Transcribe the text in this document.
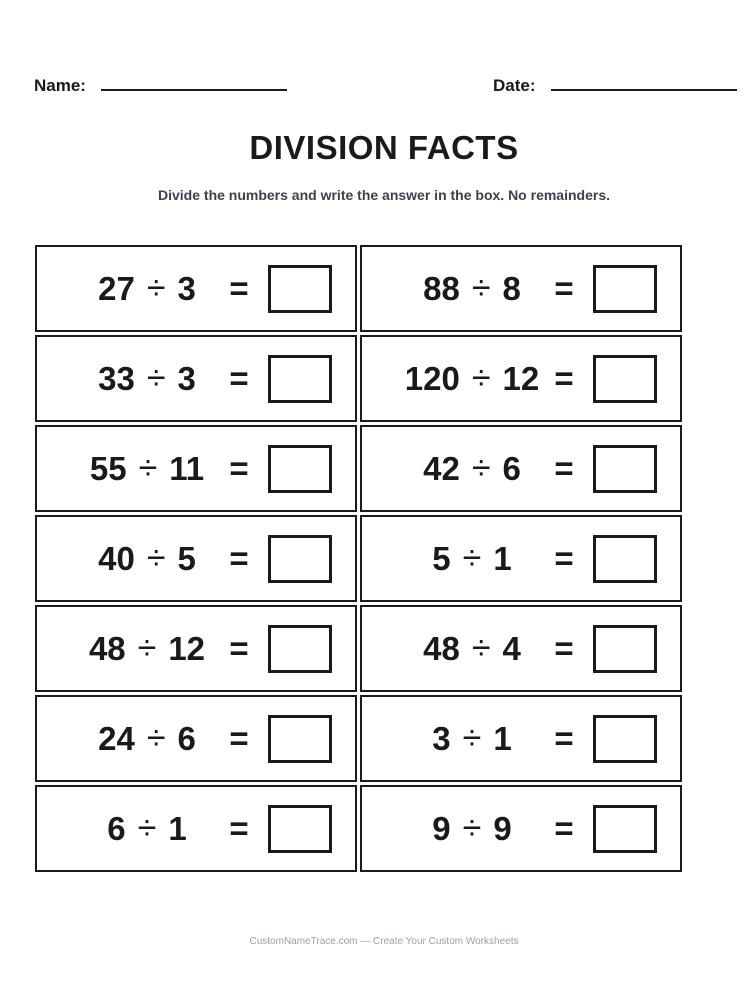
Name:	Date:
DIVISION FACTS
Divide the numbers and write the answer in the box. No remainders.
27 ÷ 3 =	88 ÷ 8 =
33 ÷ 3 =	120 ÷ 12 =
55 ÷ 11 =	42 ÷ 6 =
40 ÷ 5 =	5 ÷ 1 =
48 ÷ 12 =	48 ÷ 4 =
24 ÷ 6 =	3 ÷ 1 =
6 ÷ 1 =	9 ÷ 9 =
CustomNameTrace.com — Create Your Custom Worksheets
